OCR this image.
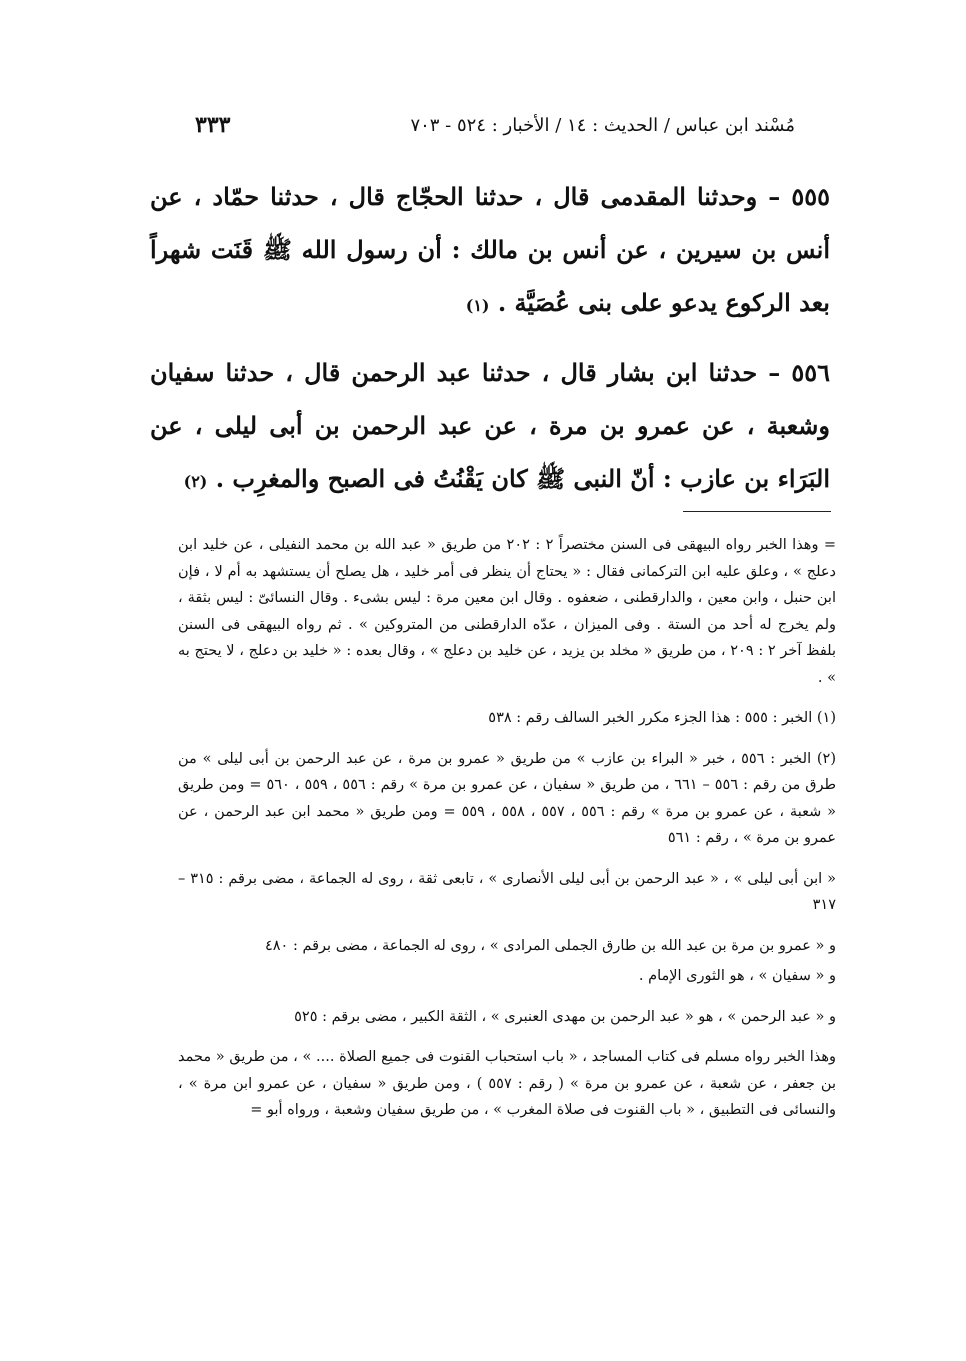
مُسْند ابن عباس / الحديث : ١٤ / الأخبار : ٥٢٤ - ٧٠٣
٣٣٣

٥٥٥ – وحدثنا المقدمى قال ، حدثنا الحجّاج قال ، حدثنا حمّاد ، عن أنس بن سيرين ، عن أنس بن مالك : أن رسول الله ﷺ قَنَت شهراً بعد الركوع يدعو على بنى عُصَيَّة . (١)

٥٥٦ – حدثنا ابن بشار قال ، حدثنا عبد الرحمن قال ، حدثنا سفيان وشعبة ، عن عمرو بن مرة ، عن عبد الرحمن بن أبى ليلى ، عن البَرَاء بن عازب : أنّ النبى ﷺ كان يَقْنُتُ فى الصبح والمغرِب . (٢)

= وهذا الخبر رواه البيهقى فى السنن مختصراً ٢ : ٢٠٢ من طريق « عبد الله بن محمد النفيلى ، عن خليد ابن دعلج » ، وعلق عليه ابن التركمانى فقال : « يحتاج أن ينظر فى أمر خليد ، هل يصلح أن يستشهد به أم لا ، فإن ابن حنبل ، وابن معين ، والدارقطنى ، ضعفوه . وقال ابن معين مرة : ليس بشىء . وقال النسائىّ : ليس بثقة ، ولم يخرج له أحد من الستة . وفى الميزان ، عدّه الدارقطنى من المتروكين » . ثم رواه البيهقى فى السنن بلفظ آخر ٢ : ٢٠٩ ، من طريق « مخلد بن يزيد ، عن خليد بن دعلج » ، وقال بعده : « خليد بن دعلج ، لا يحتج به » .

(١) الخبر : ٥٥٥ : هذا الجزء مكرر الخبر السالف رقم : ٥٣٨

(٢) الخبر : ٥٥٦ ، خبر « البراء بن عازب » من طريق « عمرو بن مرة ، عن عبد الرحمن بن أبى ليلى » من طرق من رقم : ٥٥٦ – ٦٦١ ، من طريق « سفيان ، عن عمرو بن مرة » رقم : ٥٥٦ ، ٥٥٩ ، ٥٦٠ = ومن طريق « شعبة ، عن عمرو بن مرة » رقم : ٥٥٦ ، ٥٥٧ ، ٥٥٨ ، ٥٥٩ = ومن طريق « محمد ابن عبد الرحمن ، عن عمرو بن مرة » ، رقم : ٥٦١

« ابن أبى ليلى » ، « عبد الرحمن بن أبى ليلى الأنصارى » ، تابعى ثقة ، روى له الجماعة ، مضى برقم : ٣١٥ – ٣١٧

و « عمرو بن مرة بن عبد الله بن طارق الجملى المرادى » ، روى له الجماعة ، مضى برقم : ٤٨٠

و « سفيان » ، هو الثورى الإمام .

و « عبد الرحمن » ، هو « عبد الرحمن بن مهدى العنبرى » ، الثقة الكبير ، مضى برقم : ٥٢٥

وهذا الخبر رواه مسلم فى كتاب المساجد ، « باب استحباب القنوت فى جميع الصلاة .... » ، من طريق « محمد بن جعفر ، عن شعبة ، عن عمرو بن مرة » ( رقم : ٥٥٧ ) ، ومن طريق « سفيان ، عن عمرو ابن مرة » ، والنسائى فى التطبيق ، « باب القنوت فى صلاة المغرب » ، من طريق سفيان وشعبة ، ورواه أبو =
